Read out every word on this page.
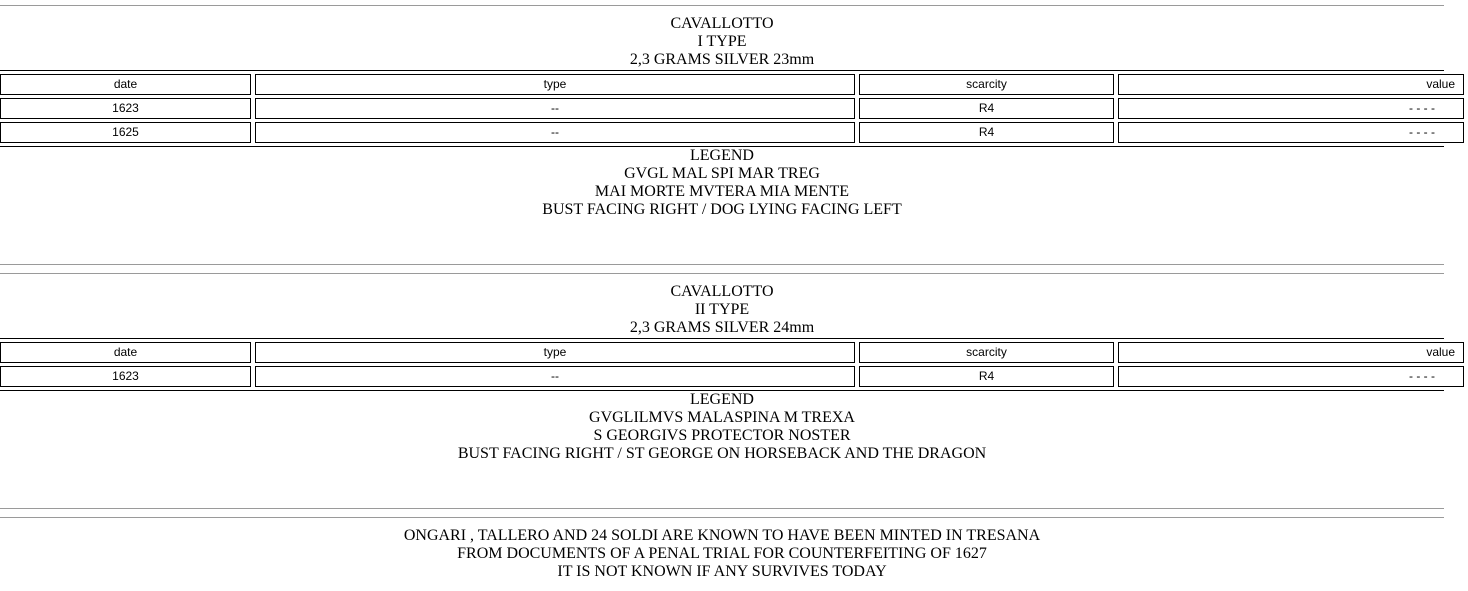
CAVALLOTTO
I TYPE
2,3 GRAMS SILVER 23mm
date	type	scarcity	value

1623	--	R4	- - - -

1625	--	R4	- - - -
LEGEND
GVGL MAL SPI MAR TREG
MAI MORTE MVTERA MIA MENTE
BUST FACING RIGHT / DOG LYING FACING LEFT
CAVALLOTTO
II TYPE
2,3 GRAMS SILVER 24mm
date	type	scarcity	value

1623	--	R4	- - - -
LEGEND
GVGLILMVS MALASPINA M TREXA
S GEORGIVS PROTECTOR NOSTER
BUST FACING RIGHT / ST GEORGE ON HORSEBACK AND THE DRAGON
ONGARI , TALLERO AND 24 SOLDI ARE KNOWN TO HAVE BEEN MINTED IN TRESANA
FROM DOCUMENTS OF A PENAL TRIAL FOR COUNTERFEITING OF 1627
IT IS NOT KNOWN IF ANY SURVIVES TODAY
